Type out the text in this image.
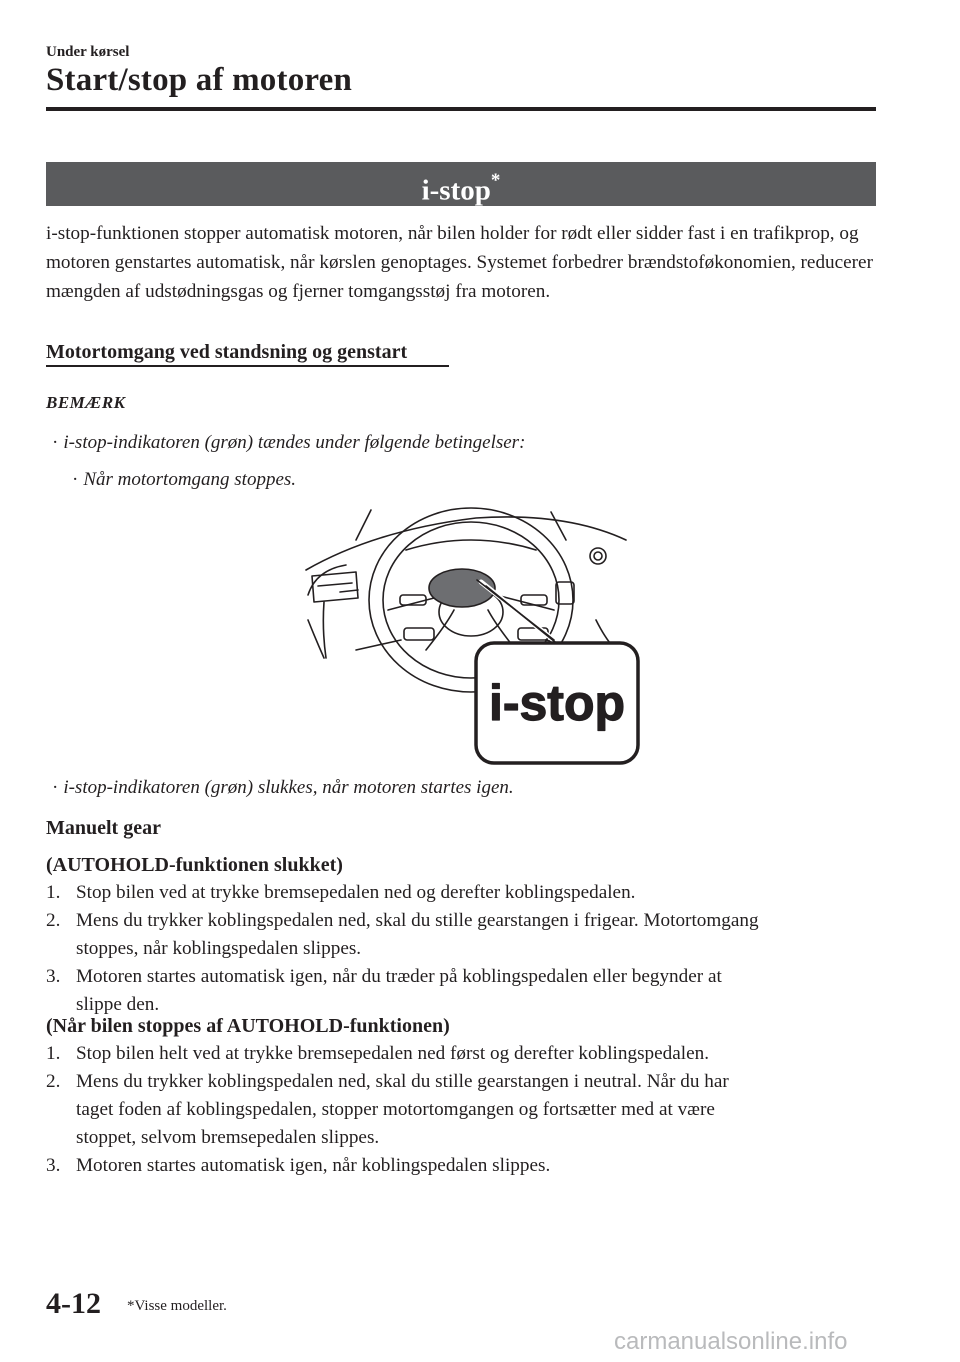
Under kørsel
Start/stop af motoren
i-stop*

i-stop-funktionen stopper automatisk motoren, når bilen holder for rødt eller sidder fast i en trafikprop, og motoren genstartes automatisk, når kørslen genoptages. Systemet forbedrer brændstoføkonomien, reducerer mængden af udstødningsgas og fjerner tomgangsstøj fra motoren.

Motortomgang ved standsning og genstart
BEMÆRK
· i-stop-indikatoren (grøn) tændes under følgende betingelser:
· Når motortomgang stoppes.
i-stop
· i-stop-indikatoren (grøn) slukkes, når motoren startes igen.
Manuelt gear
(AUTOHOLD-funktionen slukket)
1. Stop bilen ved at trykke bremsepedalen ned og derefter koblingspedalen.
2. Mens du trykker koblingspedalen ned, skal du stille gearstangen i frigear. Motortomgang
stoppes, når koblingspedalen slippes.
3. Motoren startes automatisk igen, når du træder på koblingspedalen eller begynder at
slippe den.
(Når bilen stoppes af AUTOHOLD-funktionen)
1. Stop bilen helt ved at trykke bremsepedalen ned først og derefter koblingspedalen.
2. Mens du trykker koblingspedalen ned, skal du stille gearstangen i neutral. Når du har
taget foden af koblingspedalen, stopper motortomgangen og fortsætter med at være
stoppet, selvom bremsepedalen slippes.
3. Motoren startes automatisk igen, når koblingspedalen slippes.
4-12 *Visse modeller.
carmanualsonline.info
